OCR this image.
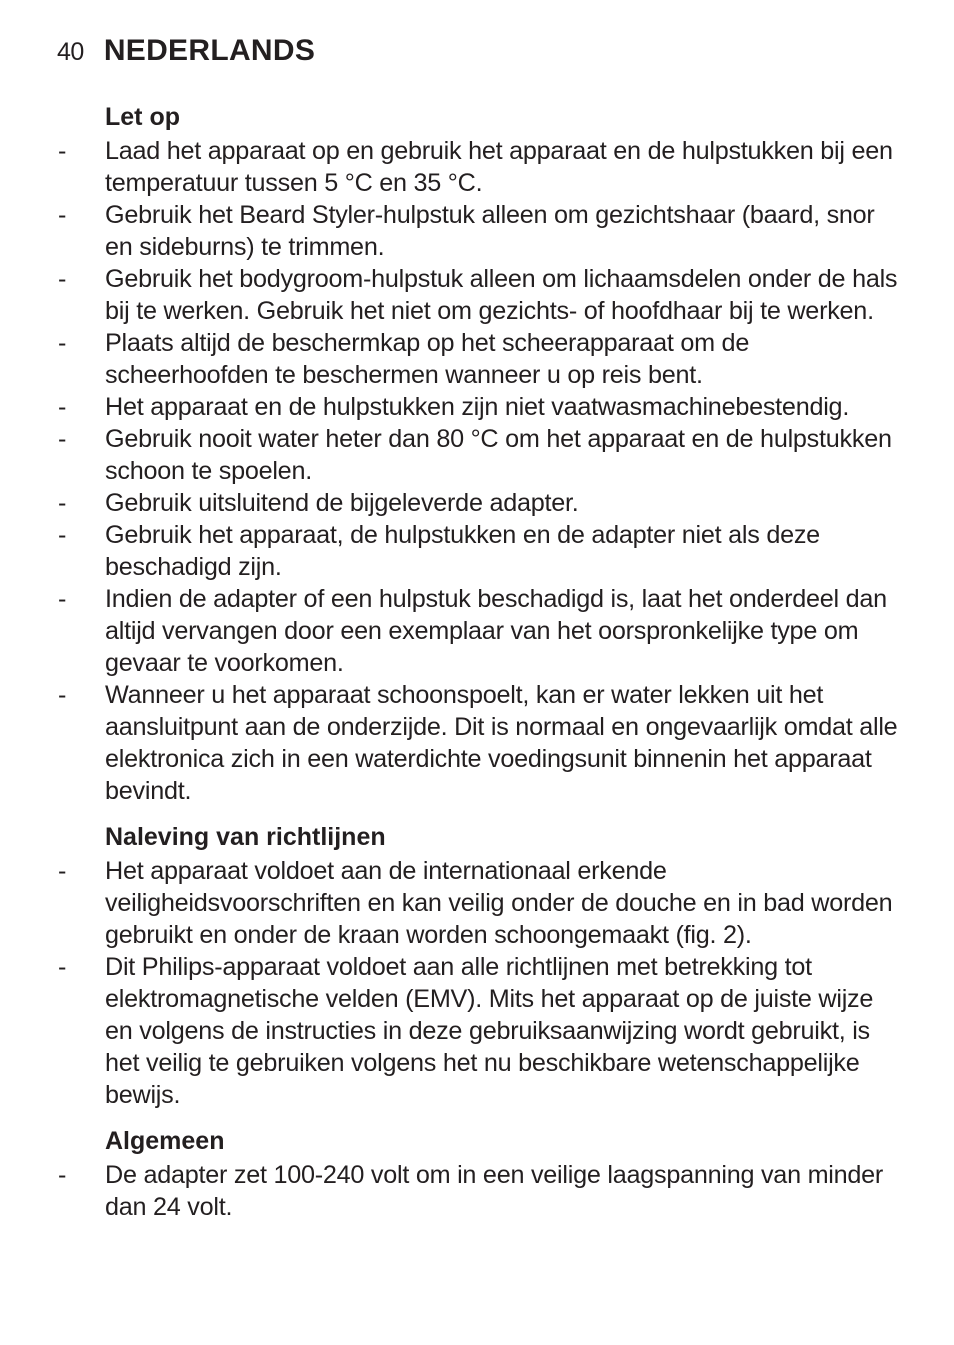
40 NEDERLANDS
Let op
- Laad het apparaat op en gebruik het apparaat en de hulpstukken bij een temperatuur tussen 5 °C en 35 °C.
- Gebruik het Beard Styler-hulpstuk alleen om gezichtshaar (baard, snor en sideburns) te trimmen.
- Gebruik het bodygroom-hulpstuk alleen om lichaamsdelen onder de hals bij te werken. Gebruik het niet om gezichts- of hoofdhaar bij te werken.
- Plaats altijd de beschermkap op het scheerapparaat om de scheerhoofden te beschermen wanneer u op reis bent.
- Het apparaat en de hulpstukken zijn niet vaatwasmachinebestendig.
- Gebruik nooit water heter dan 80 °C om het apparaat en de hulpstukken schoon te spoelen.
- Gebruik uitsluitend de bijgeleverde adapter.
- Gebruik het apparaat, de hulpstukken en de adapter niet als deze beschadigd zijn.
- Indien de adapter of een hulpstuk beschadigd is, laat het onderdeel dan altijd vervangen door een exemplaar van het oorspronkelijke type om gevaar te voorkomen.
- Wanneer u het apparaat schoonspoelt, kan er water lekken uit het aansluitpunt aan de onderzijde. Dit is normaal en ongevaarlijk omdat alle elektronica zich in een waterdichte voedingsunit binnenin het apparaat bevindt.
Naleving van richtlijnen
- Het apparaat voldoet aan de internationaal erkende veiligheidsvoorschriften en kan veilig onder de douche en in bad worden gebruikt en onder de kraan worden schoongemaakt (fig. 2).
- Dit Philips-apparaat voldoet aan alle richtlijnen met betrekking tot elektromagnetische velden (EMV). Mits het apparaat op de juiste wijze en volgens de instructies in deze gebruiksaanwijzing wordt gebruikt, is het veilig te gebruiken volgens het nu beschikbare wetenschappelijke bewijs.
Algemeen
- De adapter zet 100-240 volt om in een veilige laagspanning van minder dan 24 volt.
